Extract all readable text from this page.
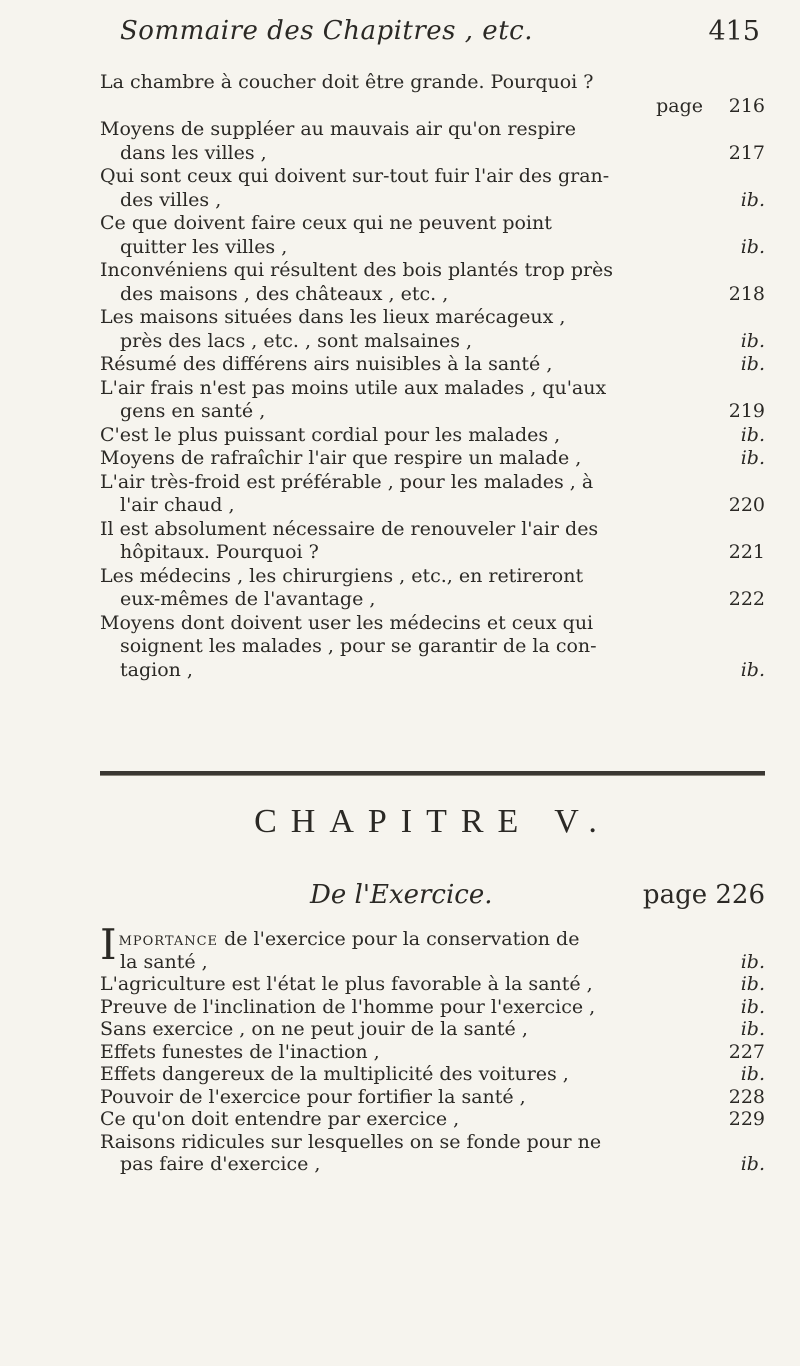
Sommaire des Chapitres , etc.	415
La chambre à coucher doit être grande. Pourquoi ?
page	216
Moyens de suppléer au mauvais air qu'on respire
dans les villes ,	217
Qui sont ceux qui doivent sur-tout fuir l'air des gran-
des villes ,	ib.
Ce que doivent faire ceux qui ne peuvent point
quitter les villes ,	ib.
Inconvéniens qui résultent des bois plantés trop près
des maisons , des châteaux , etc. ,	218
Les maisons situées dans les lieux marécageux ,
près des lacs , etc. , sont malsaines ,	ib.
Résumé des différens airs nuisibles à la santé ,	ib.
L'air frais n'est pas moins utile aux malades , qu'aux
gens en santé ,	219
C'est le plus puissant cordial pour les malades ,	ib.
Moyens de rafraîchir l'air que respire un malade ,	ib.
L'air très-froid est préférable , pour les malades , à
l'air chaud ,	220
Il est absolument nécessaire de renouveler l'air des
hôpitaux. Pourquoi ?	221
Les médecins , les chirurgiens , etc., en retireront
eux-mêmes de l'avantage ,	222
Moyens dont doivent user les médecins et ceux qui
soignent les malades , pour se garantir de la con-
tagion ,	ib.
CHAPITRE V.
De l'Exercice.	page 226
Importance de l'exercice pour la conservation de
la santé ,	ib.
L'agriculture est l'état le plus favorable à la santé ,	ib.
Preuve de l'inclination de l'homme pour l'exercice ,	ib.
Sans exercice , on ne peut jouir de la santé ,	ib.
Effets funestes de l'inaction ,	227
Effets dangereux de la multiplicité des voitures ,	ib.
Pouvoir de l'exercice pour fortifier la santé ,	228
Ce qu'on doit entendre par exercice ,	229
Raisons ridicules sur lesquelles on se fonde pour ne
pas faire d'exercice ,	ib.
